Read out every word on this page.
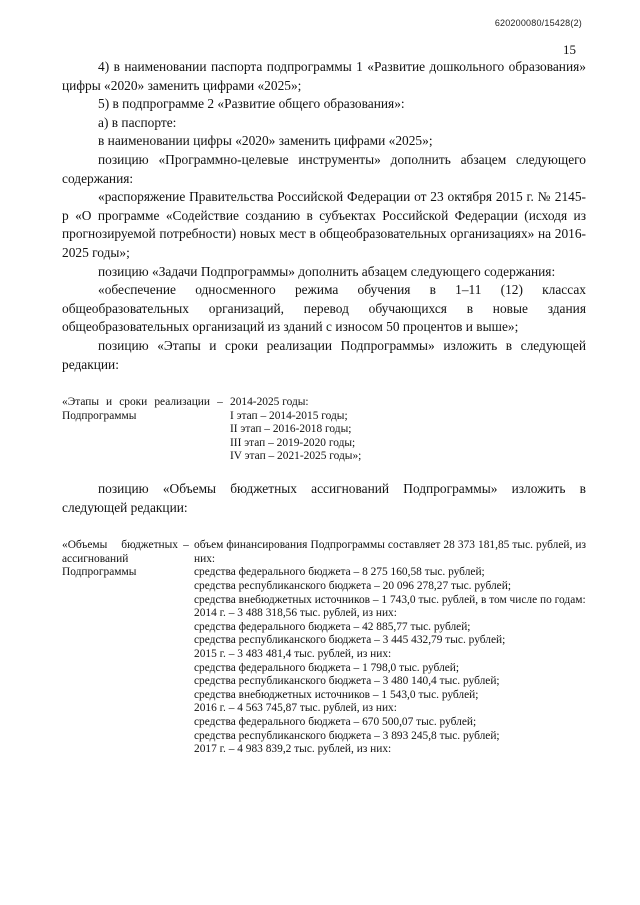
620200080/15428(2)
15

4) в наименовании паспорта подпрограммы 1 «Развитие дошкольного образования» цифры «2020» заменить цифрами «2025»;

5) в подпрограмме 2 «Развитие общего образования»:

а) в паспорте:

в наименовании цифры «2020» заменить цифрами «2025»;

позицию «Программно-целевые инструменты» дополнить абзацем следующего содержания:

«распоряжение Правительства Российской Федерации от 23 октября 2015 г. № 2145-р «О программе «Содействие созданию в субъектах Российской Федерации (исходя из прогнозируемой потребности) новых мест в общеобразовательных организациях» на 2016-2025 годы»;

позицию «Задачи Подпрограммы» дополнить абзацем следующего содержания:

«обеспечение односменного режима обучения в 1–11 (12) классах общеобразовательных организаций, перевод обучающихся в новые здания общеобразовательных организаций из зданий с износом 50 процентов и выше»;

позицию «Этапы и сроки реализации Подпрограммы» изложить в следующей редакции:

«Этапы и сроки реализации Подпрограммы
– 2014-2025 годы:
I этап – 2014-2015 годы;
II этап – 2016-2018 годы;
III этап – 2019-2020 годы;
IV этап – 2021-2025 годы»;

позицию «Объемы бюджетных ассигнований Подпрограммы» изложить в следующей редакции:

«Объемы бюджетных ассигнований Подпрограммы
– объем финансирования Подпрограммы составляет 28 373 181,85 тыс. рублей, из них:
средства федерального бюджета – 8 275 160,58 тыс. рублей;
средства республиканского бюджета – 20 096 278,27 тыс. рублей;
средства внебюджетных источников – 1 743,0 тыс. рублей, в том числе по годам:
2014 г. – 3 488 318,56 тыс. рублей, из них:
средства федерального бюджета – 42 885,77 тыс. рублей;
средства республиканского бюджета – 3 445 432,79 тыс. рублей;
2015 г. – 3 483 481,4 тыс. рублей, из них:
средства федерального бюджета – 1 798,0 тыс. рублей;
средства республиканского бюджета – 3 480 140,4 тыс. рублей;
средства внебюджетных источников – 1 543,0 тыс. рублей;
2016 г. – 4 563 745,87 тыс. рублей, из них:
средства федерального бюджета – 670 500,07 тыс. рублей;
средства республиканского бюджета – 3 893 245,8 тыс. рублей;
2017 г. – 4 983 839,2 тыс. рублей, из них:
